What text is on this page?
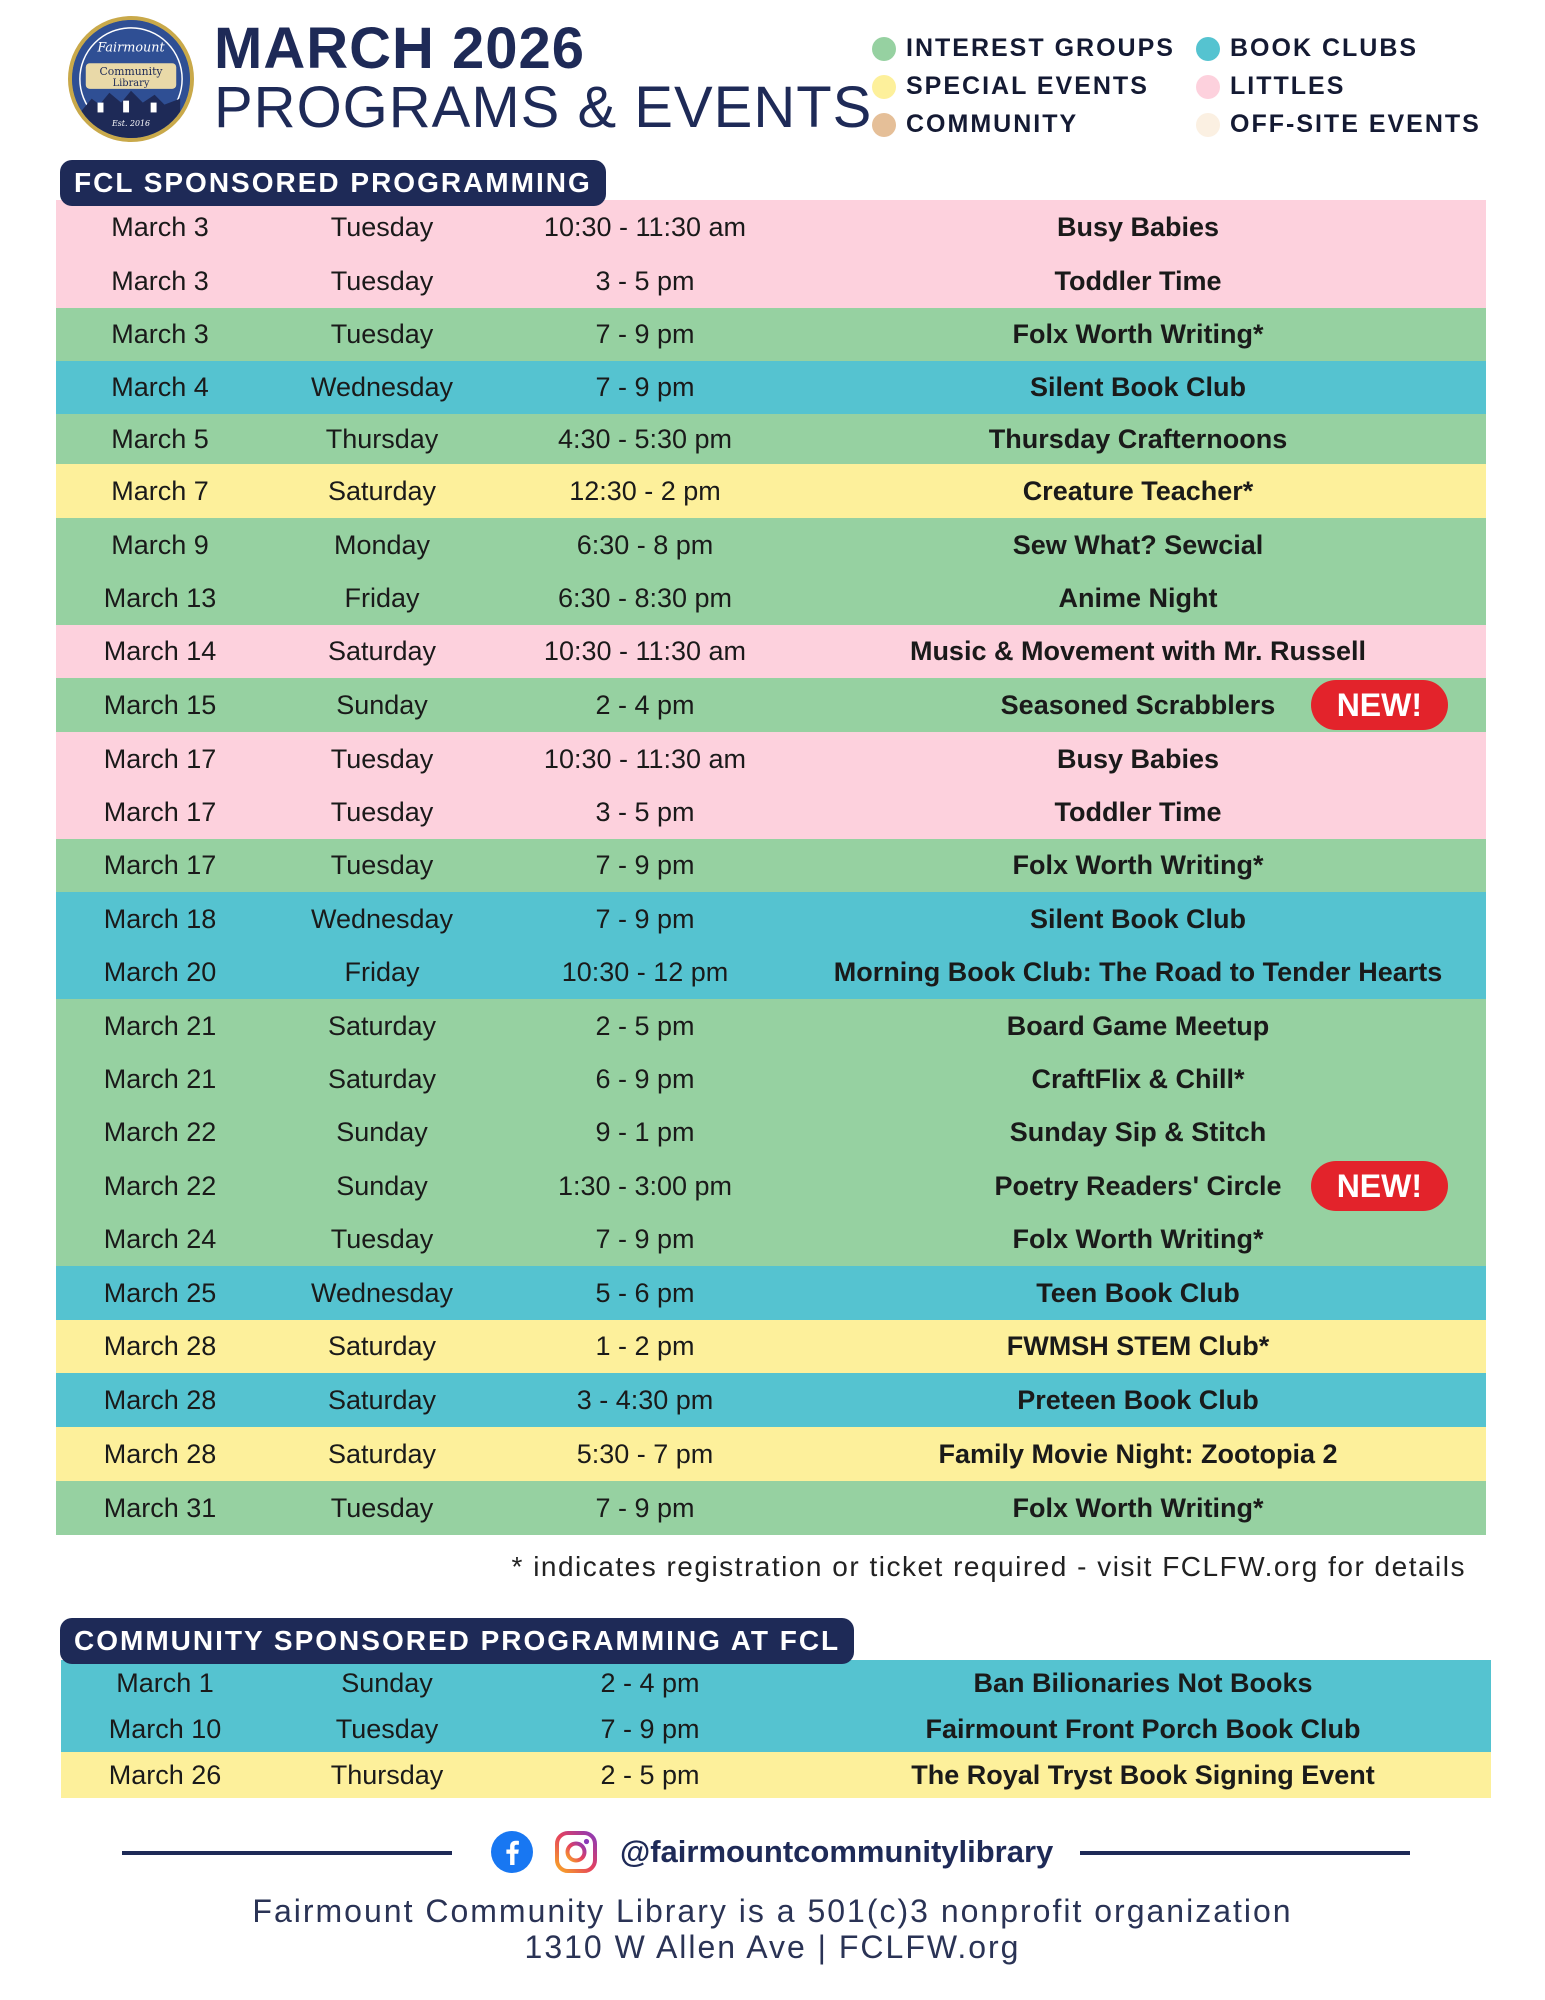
Fairmount
Community
Library
Est. 2016
MARCH 2026
PROGRAMS & EVENTS
INTEREST GROUPS
SPECIAL EVENTS
COMMUNITY
BOOK CLUBS
LITTLES
OFF-SITE EVENTS
FCL SPONSORED PROGRAMMING
March 3	Tuesday	10:30 - 11:30 am	Busy Babies
March 3	Tuesday	3 - 5 pm	Toddler Time
March 3	Tuesday	7 - 9 pm	Folx Worth Writing*
March 4	Wednesday	7 - 9 pm	Silent Book Club
March 5	Thursday	4:30 - 5:30 pm	Thursday Crafternoons
March 7	Saturday	12:30 - 2 pm	Creature Teacher*
March 9	Monday	6:30 - 8 pm	Sew What? Sewcial
March 13	Friday	6:30 - 8:30 pm	Anime Night
March 14	Saturday	10:30 - 11:30 am	Music & Movement with Mr. Russell
March 15	Sunday	2 - 4 pm	Seasoned Scrabblers	NEW!
March 17	Tuesday	10:30 - 11:30 am	Busy Babies
March 17	Tuesday	3 - 5 pm	Toddler Time
March 17	Tuesday	7 - 9 pm	Folx Worth Writing*
March 18	Wednesday	7 - 9 pm	Silent Book Club
March 20	Friday	10:30 - 12 pm	Morning Book Club: The Road to Tender Hearts
March 21	Saturday	2 - 5 pm	Board Game Meetup
March 21	Saturday	6 - 9 pm	CraftFlix & Chill*
March 22	Sunday	9 - 1 pm	Sunday Sip & Stitch
March 22	Sunday	1:30 - 3:00 pm	Poetry Readers' Circle	NEW!
March 24	Tuesday	7 - 9 pm	Folx Worth Writing*
March 25	Wednesday	5 - 6 pm	Teen Book Club
March 28	Saturday	1 - 2 pm	FWMSH STEM Club*
March 28	Saturday	3 - 4:30 pm	Preteen Book Club
March 28	Saturday	5:30 - 7 pm	Family Movie Night: Zootopia 2
March 31	Tuesday	7 - 9 pm	Folx Worth Writing*
* indicates registration or ticket required - visit FCLFW.org for details
COMMUNITY SPONSORED PROGRAMMING AT FCL
March 1	Sunday	2 - 4 pm	Ban Bilionaries Not Books
March 10	Tuesday	7 - 9 pm	Fairmount Front Porch Book Club
March 26	Thursday	2 - 5 pm	The Royal Tryst Book Signing Event
@fairmountcommunitylibrary
Fairmount Community Library is a 501(c)3 nonprofit organization
1310 W Allen Ave | FCLFW.org
